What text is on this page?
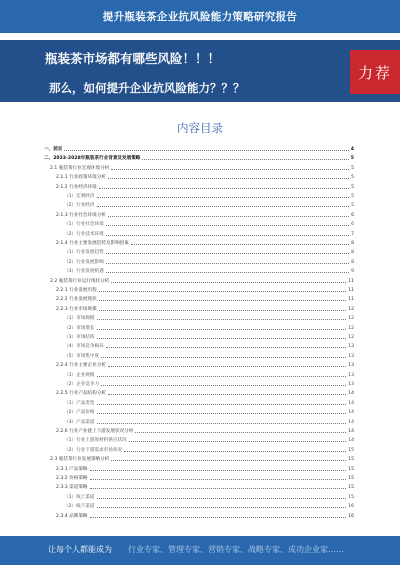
提升瓶装茶企业抗风险能力策略研究报告
瓶装茶市场都有哪些风险！！！
那么，如何提升企业抗风险能力？？？
力荐
内容目录
一、前言	4
二、2023-2028年瓶装茶行业背景及发展策略	5
2.1 瓶装茶行业宏观环境分析	5
2.1.1 行业政策环境分析	5
2.1.2 行业经济环境	5
（1）宏观经济	5
（2）行业经济	5
2.1.3 行业社会环境分析	6
（1）行业社会环境	6
（2）行业技术环境	7
2.1.4 行业主要发展趋势及影响因素	8
（1）行业发展趋势	8
（2）行业发展影响	8
（3）行业发展机遇	9
2.2 瓶装茶行业运行现状分析	11
2.2.1 行业发展历程	11
2.2.2 行业发展现状	11
2.2.3 行业市场规模	12
（1）市场规模	12
（2）市场增长	12
（3）市场结构	12
（4）市场竞争格局	13
（5）市场集中度	13
2.2.4 行业主要企业分析	13
（1）企业规模	13
（2）企业竞争力	13
2.2.5 行业产品结构分析	14
（1）产品类型	14
（2）产品价格	14
（3）产品渠道	14
2.2.6 行业产业链上下游发展状况分析	14
（1）行业上游原材料供应状况	14
（2）行业下游需求市场状况	15
2.3 瓶装茶行业发展策略分析	15
2.3.1 产品策略	15
2.3.2 价格策略	15
2.3.3 渠道策略	15
（1）线上渠道	15
（2）线下渠道	16
2.3.4 品牌策略	16
让每个人都能成为 行业专家、管理专家、营销专家、战略专家、成功企业家……
